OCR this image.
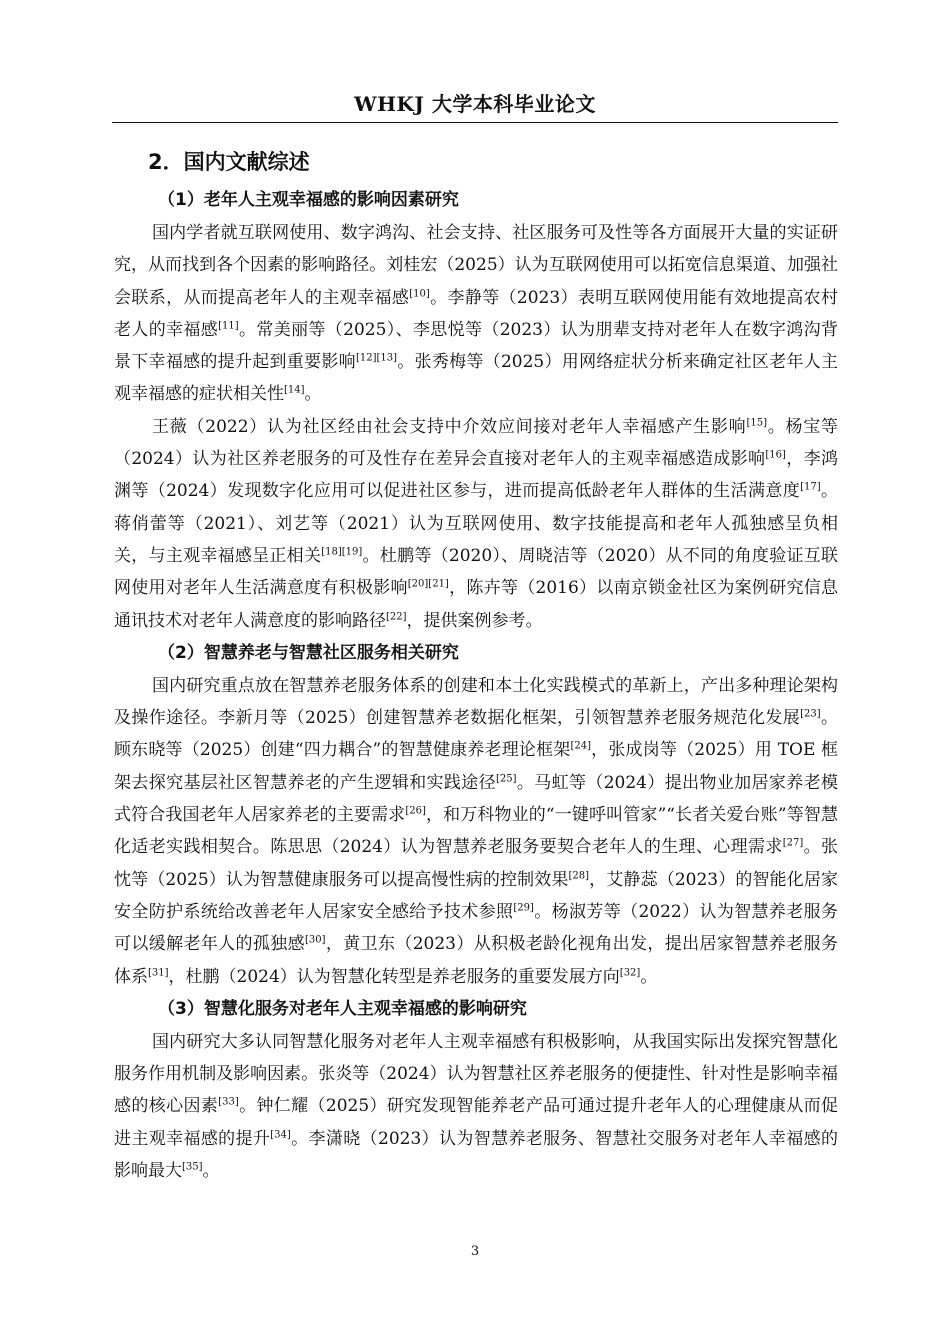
WHKJ 大学本科毕业论文
2．国内文献综述
（1）老年人主观幸福感的影响因素研究

国内学者就互联网使用、数字鸿沟、社会支持、社区服务可及性等各方面展开大量的实证研究，从而找到各个因素的影响路径。刘桂宏（2025）认为互联网使用可以拓宽信息渠道、加强社会联系，从而提高老年人的主观幸福感[10]。李静等（2023）表明互联网使用能有效地提高农村老人的幸福感[11]。常美丽等（2025）、李思悦等（2023）认为朋辈支持对老年人在数字鸿沟背景下幸福感的提升起到重要影响[12][13]。张秀梅等（2025）用网络症状分析来确定社区老年人主观幸福感的症状相关性[14]。

王薇（2022）认为社区经由社会支持中介效应间接对老年人幸福感产生影响[15]。杨宝等（2024）认为社区养老服务的可及性存在差异会直接对老年人的主观幸福感造成影响[16]，李鸿渊等（2024）发现数字化应用可以促进社区参与，进而提高低龄老年人群体的生活满意度[17]。蒋俏蕾等（2021）、刘艺等（2021）认为互联网使用、数字技能提高和老年人孤独感呈负相关，与主观幸福感呈正相关[18][19]。杜鹏等（2020）、周晓洁等（2020）从不同的角度验证互联网使用对老年人生活满意度有积极影响[20][21]，陈卉等（2016）以南京锁金社区为案例研究信息通讯技术对老年人满意度的影响路径[22]，提供案例参考。

（2）智慧养老与智慧社区服务相关研究

国内研究重点放在智慧养老服务体系的创建和本土化实践模式的革新上，产出多种理论架构及操作途径。李新月等（2025）创建智慧养老数据化框架，引领智慧养老服务规范化发展[23]。顾东晓等（2025）创建“四力耦合”的智慧健康养老理论框架[24]，张成岗等（2025）用 TOE 框架去探究基层社区智慧养老的产生逻辑和实践途径[25]。马虹等（2024）提出物业加居家养老模式符合我国老年人居家养老的主要需求[26]，和万科物业的“一键呼叫管家”“长者关爱台账”等智慧化适老实践相契合。陈思思（2024）认为智慧养老服务要契合老年人的生理、心理需求[27]。张忱等（2025）认为智慧健康服务可以提高慢性病的控制效果[28]，艾静蕊（2023）的智能化居家安全防护系统给改善老年人居家安全感给予技术参照[29]。杨淑芳等（2022）认为智慧养老服务可以缓解老年人的孤独感[30]，黄卫东（2023）从积极老龄化视角出发，提出居家智慧养老服务体系[31]，杜鹏（2024）认为智慧化转型是养老服务的重要发展方向[32]。

（3）智慧化服务对老年人主观幸福感的影响研究

国内研究大多认同智慧化服务对老年人主观幸福感有积极影响，从我国实际出发探究智慧化服务作用机制及影响因素。张炎等（2024）认为智慧社区养老服务的便捷性、针对性是影响幸福感的核心因素[33]。钟仁耀（2025）研究发现智能养老产品可通过提升老年人的心理健康从而促进主观幸福感的提升[34]。李潇晓（2023）认为智慧养老服务、智慧社交服务对老年人幸福感的影响最大[35]。

3
